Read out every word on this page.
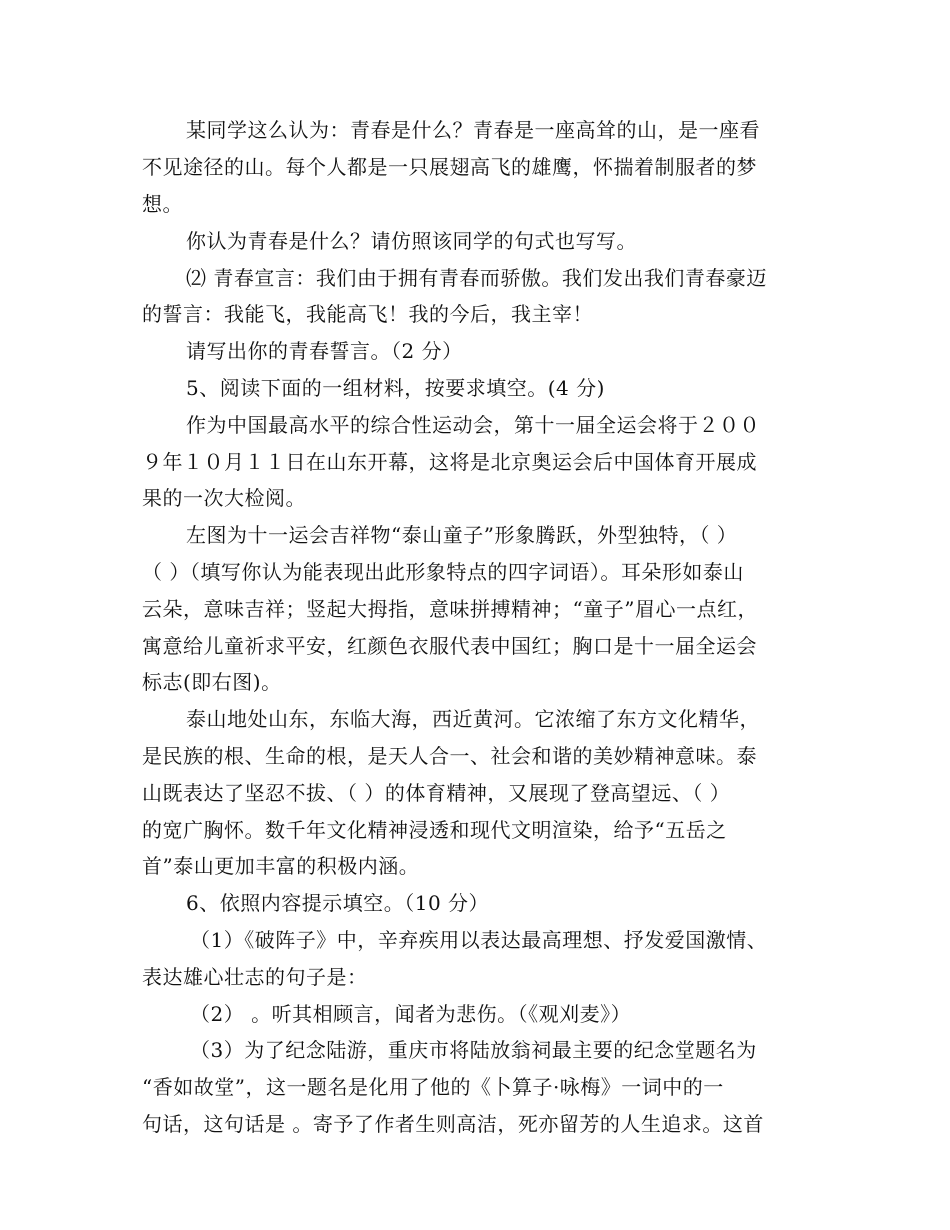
某同学这么认为：青春是什么？青春是一座高耸的山，是一座看
不见途径的山。每个人都是一只展翅高飞的雄鹰，怀揣着制服者的梦
想。
你认为青春是什么？请仿照该同学的句式也写写。
⑵ 青春宣言：我们由于拥有青春而骄傲。我们发出我们青春豪迈
的誓言：我能飞，我能高飞！我的今后，我主宰！
请写出你的青春誓言。（2 分）
5、阅读下面的一组材料，按要求填空。(4 分)
作为中国最高水平的综合性运动会，第十一届全运会将于２００
９年１０月１１日在山东开幕，这将是北京奥运会后中国体育开展成
果的一次大检阅。
左图为十一运会吉祥物“泰山童子”形象腾跃，外型独特，（ ）
（ ）（填写你认为能表现出此形象特点的四字词语）。耳朵形如泰山
云朵，意味吉祥；竖起大拇指，意味拼搏精神；“童子”眉心一点红，
寓意给儿童祈求平安，红颜色衣服代表中国红；胸口是十一届全运会
标志(即右图)。
泰山地处山东，东临大海，西近黄河。它浓缩了东方文化精华，
是民族的根、生命的根，是天人合一、社会和谐的美妙精神意味。泰
山既表达了坚忍不拔、（ ）的体育精神，又展现了登高望远、（ ）
的宽广胸怀。数千年文化精神浸透和现代文明渲染，给予“五岳之
首”泰山更加丰富的积极内涵。
6、依照内容提示填空。（10 分）
（1）《破阵子》中，辛弃疾用以表达最高理想、抒发爱国激情、
表达雄心壮志的句子是：
（2） 。听其相顾言，闻者为悲伤。（《观刈麦》）
（3）为了纪念陆游，重庆市将陆放翁祠最主要的纪念堂题名为
“香如故堂”，这一题名是化用了他的《卜算子·咏梅》一词中的一
句话，这句话是 。寄予了作者生则高洁，死亦留芳的人生追求。这首
